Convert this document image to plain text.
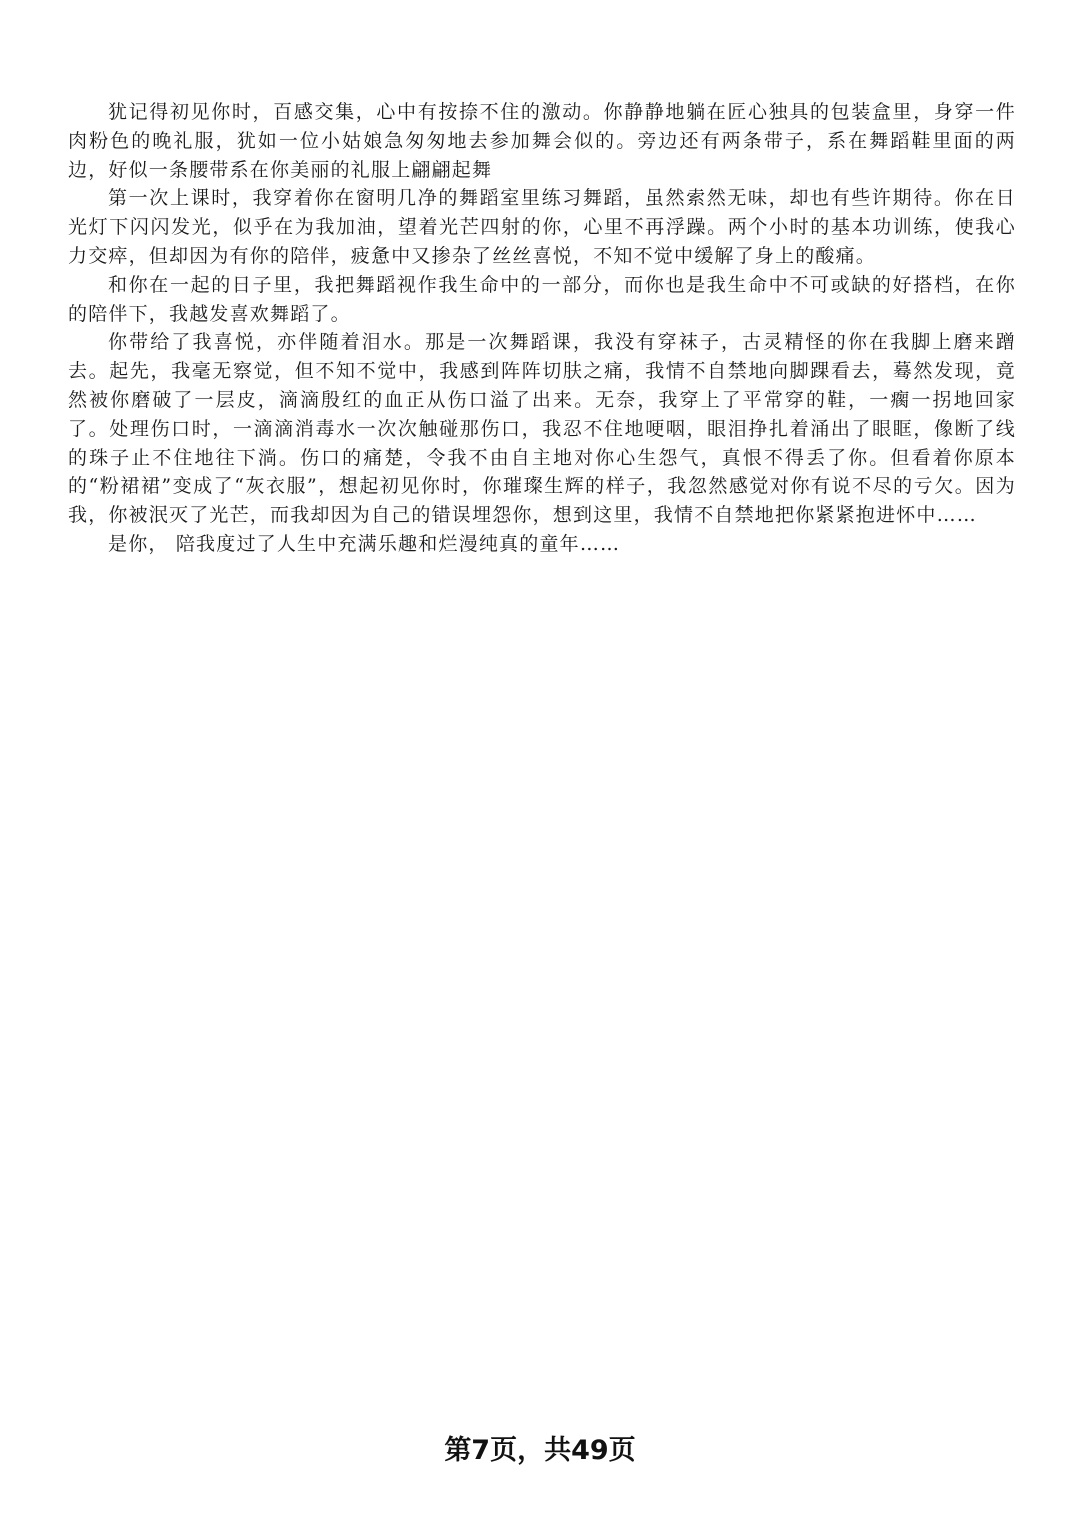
犹记得初见你时，百感交集，心中有按捺不住的激动。你静静地躺在匠心独具的包装盒里，身穿一件肉粉色的晚礼服，犹如一位小姑娘急匆匆地去参加舞会似的。旁边还有两条带子，系在舞蹈鞋里面的两边，好似一条腰带系在你美丽的礼服上翩翩起舞

第一次上课时，我穿着你在窗明几净的舞蹈室里练习舞蹈，虽然索然无味，却也有些许期待。你在日光灯下闪闪发光，似乎在为我加油，望着光芒四射的你，心里不再浮躁。两个小时的基本功训练，使我心力交瘁，但却因为有你的陪伴，疲惫中又掺杂了丝丝喜悦，不知不觉中缓解了身上的酸痛。

和你在一起的日子里，我把舞蹈视作我生命中的一部分，而你也是我生命中不可或缺的好搭档，在你的陪伴下，我越发喜欢舞蹈了。

你带给了我喜悦，亦伴随着泪水。那是一次舞蹈课，我没有穿袜子，古灵精怪的你在我脚上磨来蹭去。起先，我毫无察觉，但不知不觉中，我感到阵阵切肤之痛，我情不自禁地向脚踝看去，蓦然发现，竟然被你磨破了一层皮，滴滴殷红的血正从伤口溢了出来。无奈，我穿上了平常穿的鞋，一瘸一拐地回家了。处理伤口时，一滴滴消毒水一次次触碰那伤口，我忍不住地哽咽，眼泪挣扎着涌出了眼眶，像断了线的珠子止不住地往下淌。伤口的痛楚，令我不由自主地对你心生怨气，真恨不得丢了你。但看着你原本的“粉裙裙”变成了“灰衣服”，想起初见你时，你璀璨生辉的样子，我忽然感觉对你有说不尽的亏欠。因为我，你被泯灭了光芒，而我却因为自己的错误埋怨你，想到这里，我情不自禁地把你紧紧抱进怀中……

是你， 陪我度过了人生中充满乐趣和烂漫纯真的童年……

第7页，共49页
